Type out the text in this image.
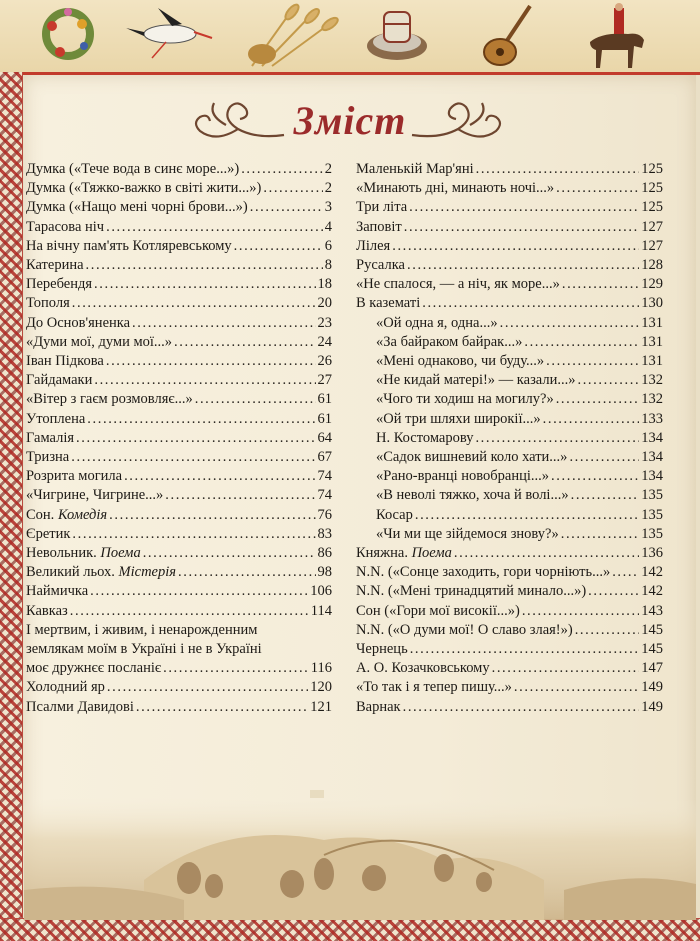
Зміст
Думка («Тече вода в синє море...») .....	2
Думка («Тяжко-важко в світі жити...») .....	2
Думка («Нащо мені чорні брови...») .....	3
Тарасова ніч .....	4
На вічну пам'ять Котляревському .....	6
Катерина .....	8
Перебендя .....	18
Тополя .....	20
До Основ'яненка .....	23
«Думи мої, думи мої...» .....	24
Іван Підкова .....	26
Гайдамаки .....	27
«Вітер з гаєм розмовляє...» .....	61
Утоплена .....	61
Гамалія .....	64
Тризна .....	67
Розрита могила .....	74
«Чигрине, Чигрине...» .....	74
Сон. Комедія .....	76
Єретик .....	83
Невольник. Поема .....	86
Великий льох. Містерія .....	98
Наймичка .....	106
Кавказ .....	114
І мертвим, і живим, і ненарожденним
землякам моїм в Україні і не в Україні
моє дружнєє посланіє .....	116
Холодний яр .....	120
Псалми Давидові .....	121
Маленькій Мар'яні .....	125
«Минають дні, минають ночі...» .....	125
Три літа .....	125
Заповіт .....	127
Лілея .....	127
Русалка .....	128
«Не спалося, — а ніч, як море...» .....	129
В казематі .....	130
«Ой одна я, одна...» .....	131
«За байраком байрак...» .....	131
«Мені однаково, чи буду...» .....	131
«Не кидай матері!» — казали...» .....	132
«Чого ти ходиш на могилу?» .....	132
«Ой три шляхи широкії...» .....	133
Н. Костомарову .....	134
«Садок вишневий коло хати...» .....	134
«Рано-вранці новобранці...» .....	134
«В неволі тяжко, хоча й волі...» .....	135
Косар .....	135
«Чи ми ще зійдемося знову?» .....	135
Княжна. Поема .....	136
N.N. («Сонце заходить, гори чорніють...» ..... 142
N.N. («Мені тринадцятий минало...») .....	142
Сон («Гори мої високії...») .....	143
N.N. («О думи мої! О славо злая!») .....	145
Чернець .....	145
А. О. Козачковському .....	147
«То так і я тепер пишу...» .....	149
Варнак .....	149
